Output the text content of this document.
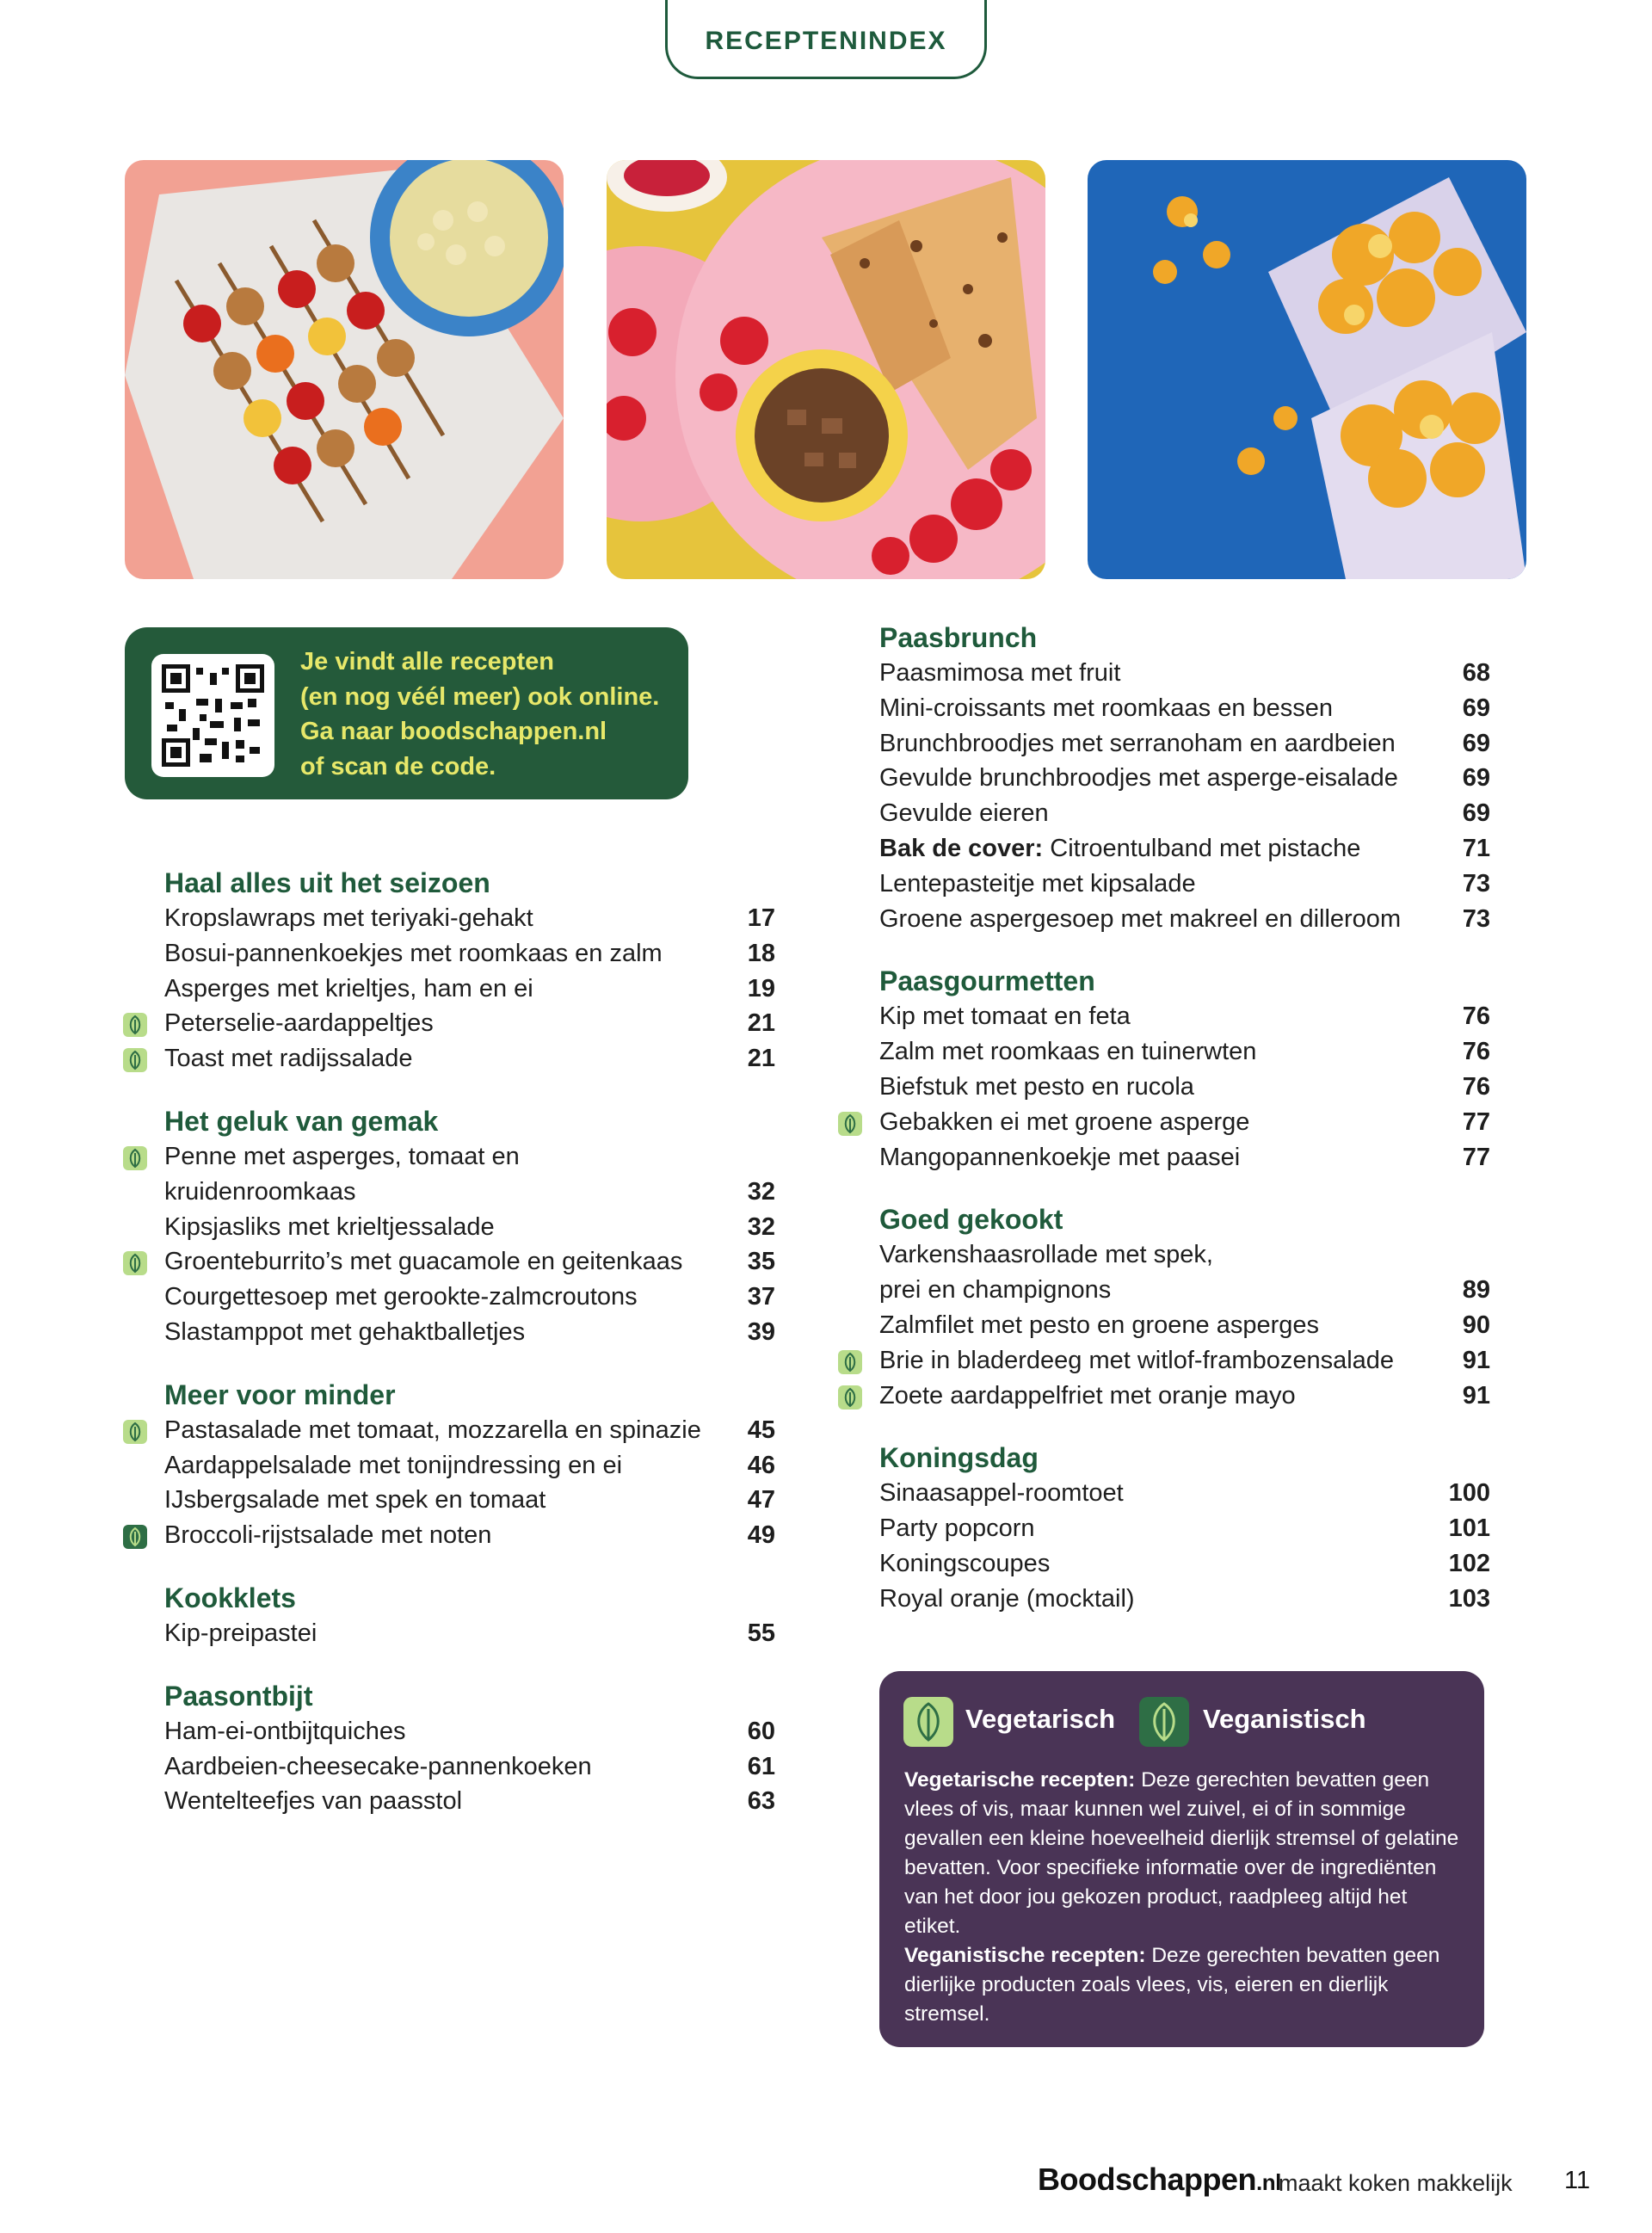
RECEPTENINDEX
Je vindt alle recepten
(en nog véél meer) ook online.
Ga naar boodschappen.nl
of scan de code.
Haal alles uit het seizoen
Kropslawraps met teriyaki-gehakt	17
Bosui-pannenkoekjes met roomkaas en zalm	18
Asperges met krieltjes, ham en ei	19
Peterselie-aardappeltjes	21
Toast met radijssalade	21
Het geluk van gemak
Penne met asperges, tomaat en
kruidenroomkaas	32
Kipsjasliks met krieltjessalade	32
Groenteburrito’s met guacamole en geitenkaas	35
Courgettesoep met gerookte-zalmcroutons	37
Slastamppot met gehaktballetjes	39
Meer voor minder
Pastasalade met tomaat, mozzarella en spinazie	45
Aardappelsalade met tonijndressing en ei	46
IJsbergsalade met spek en tomaat	47
Broccoli-rijstsalade met noten	49
Kookklets
Kip-preipastei	55
Paasontbijt
Ham-ei-ontbijtquiches	60
Aardbeien-cheesecake-pannenkoeken	61
Wentelteefjes van paasstol	63
Paasbrunch
Paasmimosa met fruit	68
Mini-croissants met roomkaas en bessen	69
Brunchbroodjes met serranoham en aardbeien	69
Gevulde brunchbroodjes met asperge-eisalade	69
Gevulde eieren	69
Bak de cover: Citroentulband met pistache	71
Lentepasteitje met kipsalade	73
Groene aspergesoep met makreel en dilleroom	73
Paasgourmetten
Kip met tomaat en feta	76
Zalm met roomkaas en tuinerwten	76
Biefstuk met pesto en rucola	76
Gebakken ei met groene asperge	77
Mangopannenkoekje met paasei	77
Goed gekookt
Varkenshaasrollade met spek,
prei en champignons	89
Zalmfilet met pesto en groene asperges	90
Brie in bladerdeeg met witlof-frambozensalade	91
Zoete aardappelfriet met oranje mayo	91
Koningsdag
Sinaasappel-roomtoet	100
Party popcorn	101
Koningscoupes	102
Royal oranje (mocktail)	103
Vegetarisch	Veganistisch
Vegetarische recepten: Deze gerechten bevatten geen vlees of vis, maar kunnen wel zuivel, ei of in sommige gevallen een kleine hoeveelheid dierlijk stremsel of gelatine bevatten. Voor specifieke informatie over de ingrediënten van het door jou gekozen product, raadpleeg altijd het etiket.
Veganistische recepten: Deze gerechten bevatten geen dierlijke producten zoals vlees, vis, eieren en dierlijk stremsel.
Boodschappen.nl
maakt koken makkelijk 11
